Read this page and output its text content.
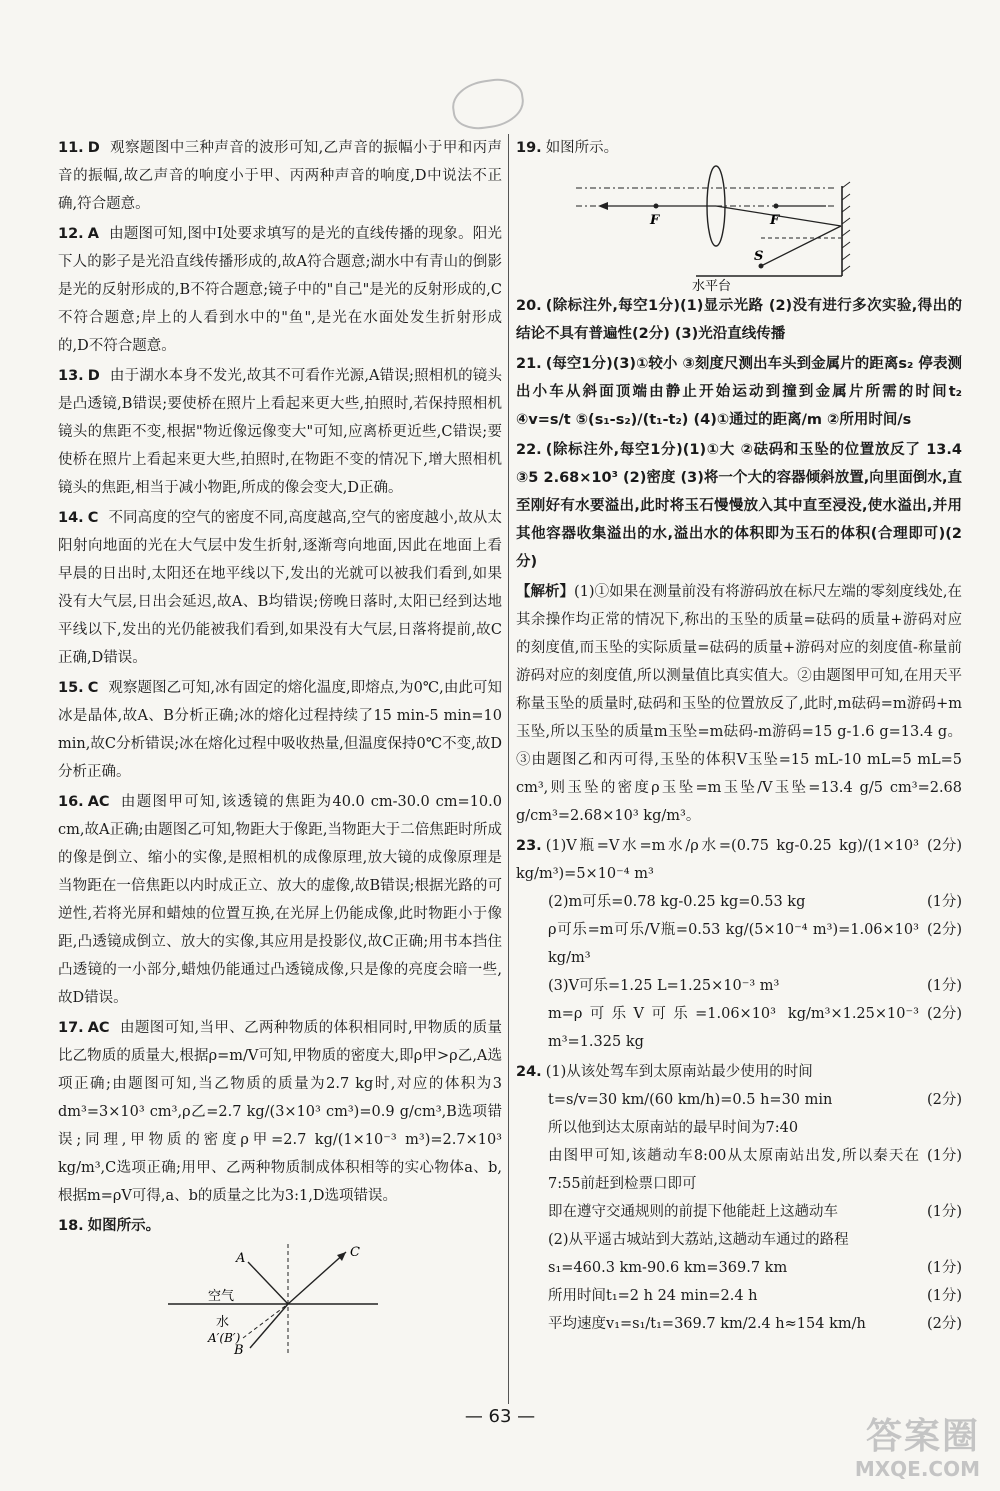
11. D 观察题图中三种声音的波形可知,乙声音的振幅小于甲和丙声音的振幅,故乙声音的响度小于甲、丙两种声音的响度,D中说法不正确,符合题意。
12. A 由题图可知,图中Ⅰ处要求填写的是光的直线传播的现象。阳光下人的影子是光沿直线传播形成的,故A符合题意;湖水中有青山的倒影是光的反射形成的,B不符合题意;镜子中的"自己"是光的反射形成的,C不符合题意;岸上的人看到水中的"鱼",是光在水面处发生折射形成的,D不符合题意。
13. D 由于湖水本身不发光,故其不可看作光源,A错误;照相机的镜头是凸透镜,B错误;要使桥在照片上看起来更大些,拍照时,若保持照相机镜头的焦距不变,根据"物近像远像变大"可知,应离桥更近些,C错误;要使桥在照片上看起来更大些,拍照时,在物距不变的情况下,增大照相机镜头的焦距,相当于减小物距,所成的像会变大,D正确。
14. C 不同高度的空气的密度不同,高度越高,空气的密度越小,故从太阳射向地面的光在大气层中发生折射,逐渐弯向地面,因此在地面上看早晨的日出时,太阳还在地平线以下,发出的光就可以被我们看到,如果没有大气层,日出会延迟,故A、B均错误;傍晚日落时,太阳已经到达地平线以下,发出的光仍能被我们看到,如果没有大气层,日落将提前,故C正确,D错误。
15. C 观察题图乙可知,冰有固定的熔化温度,即熔点,为0℃,由此可知冰是晶体,故A、B分析正确;冰的熔化过程持续了15 min-5 min=10 min,故C分析错误;冰在熔化过程中吸收热量,但温度保持0℃不变,故D分析正确。
16. AC 由题图甲可知,该透镜的焦距为40.0 cm-30.0 cm=10.0 cm,故A正确;由题图乙可知,物距大于像距,当物距大于二倍焦距时所成的像是倒立、缩小的实像,是照相机的成像原理,放大镜的成像原理是当物距在一倍焦距以内时成正立、放大的虚像,故B错误;根据光路的可逆性,若将光屏和蜡烛的位置互换,在光屏上仍能成像,此时物距小于像距,凸透镜成倒立、放大的实像,其应用是投影仪,故C正确;用书本挡住凸透镜的一小部分,蜡烛仍能通过凸透镜成像,只是像的亮度会暗一些,故D错误。
17. AC 由题图可知,当甲、乙两种物质的体积相同时,甲物质的质量比乙物质的质量大,根据ρ=m/V可知,甲物质的密度大,即ρ甲>ρ乙,A选项正确;由题图可知,当乙物质的质量为2.7 kg时,对应的体积为3 dm³=3×10³ cm³,ρ乙=2.7 kg/(3×10³ cm³)=0.9 g/cm³,B选项错误;同理,甲物质的密度ρ甲=2.7 kg/(1×10⁻³ m³)=2.7×10³ kg/m³,C选项正确;用甲、乙两种物质制成体积相等的实心物体a、b,根据m=ρV可得,a、b的质量之比为3:1,D选项错误。
18. 如图所示。
A	C
空气
水
A′(B′)
B
19. 如图所示。
F	F
S
水平台
20. (除标注外,每空1分)(1)显示光路 (2)没有进行多次实验,得出的结论不具有普遍性(2分) (3)光沿直线传播
21. (每空1分)(3)①较小 ③刻度尺测出车头到金属片的距离s₂ 停表测出小车从斜面顶端由静止开始运动到撞到金属片所需的时间t₂ ④v=s/t ⑤(s₁-s₂)/(t₁-t₂) (4)①通过的距离/m ②所用时间/s
22. (除标注外,每空1分)(1)①大 ②砝码和玉坠的位置放反了 13.4 ③5 2.68×10³ (2)密度 (3)将一个大的容器倾斜放置,向里面倒水,直至刚好有水要溢出,此时将玉石慢慢放入其中直至浸没,使水溢出,并用其他容器收集溢出的水,溢出水的体积即为玉石的体积(合理即可)(2分)
【解析】(1)①如果在测量前没有将游码放在标尺左端的零刻度线处,在其余操作均正常的情况下,称出的玉坠的质量=砝码的质量+游码对应的刻度值,而玉坠的实际质量=砝码的质量+游码对应的刻度值-称量前游码对应的刻度值,所以测量值比真实值大。②由题图甲可知,在用天平称量玉坠的质量时,砝码和玉坠的位置放反了,此时,m砝码=m游码+m玉坠,所以玉坠的质量m玉坠=m砝码-m游码=15 g-1.6 g=13.4 g。③由题图乙和丙可得,玉坠的体积V玉坠=15 mL-10 mL=5 mL=5 cm³,则玉坠的密度ρ玉坠=m玉坠/V玉坠=13.4 g/5 cm³=2.68 g/cm³=2.68×10³ kg/m³。
23. (1)V瓶=V水=m水/ρ水=(0.75 kg-0.25 kg)/(1×10³ kg/m³)=5×10⁻⁴ m³
(2分)
(2)m可乐=0.78 kg-0.25 kg=0.53 kg	(1分)
ρ可乐=m可乐/V瓶=0.53 kg/(5×10⁻⁴ m³)=1.06×10³ kg/m³
(2分)
(3)V可乐=1.25 L=1.25×10⁻³ m³	(1分)
m=ρ可乐V可乐=1.06×10³ kg/m³×1.25×10⁻³ m³=1.325 kg
(2分)
24. (1)从该处驾车到太原南站最少使用的时间
t=s/v=30 km/(60 km/h)=0.5 h=30 min	(2分)
所以他到达太原南站的最早时间为7:40
由图甲可知,该趟动车8:00从太原南站出发,所以秦天在7:55前赶到检票口即可
(1分)
即在遵守交通规则的前提下他能赶上这趟动车	(1分)
(2)从平遥古城站到大荔站,这趟动车通过的路程
s₁=460.3 km-90.6 km=369.7 km	(1分)
所用时间t₁=2 h 24 min=2.4 h	(1分)
平均速度v₁=s₁/t₁=369.7 km/2.4 h≈154 km/h	(2分)
— 63 —	答案圈
MXQE.COM
